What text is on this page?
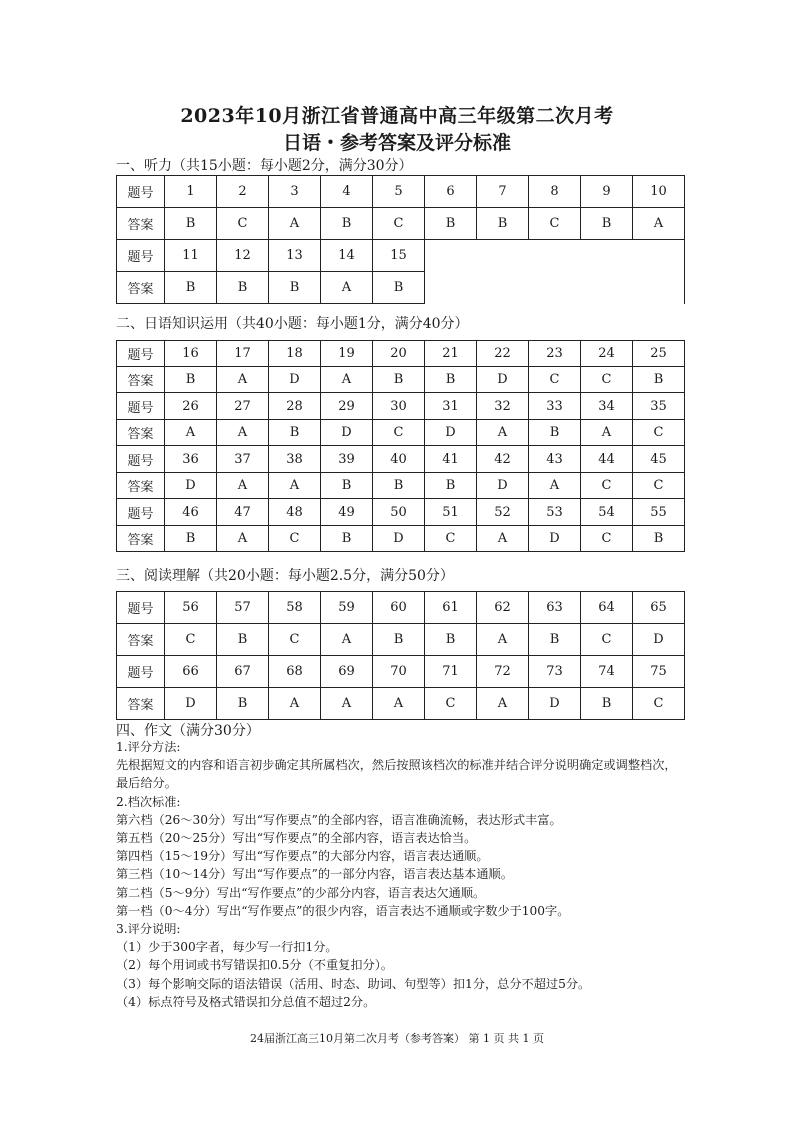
2023年10月浙江省普通高中高三年级第二次月考
日语・参考答案及评分标准
一、听力（共15小题：每小题2分，满分30分）
题号	1	2	3	4	5	6	7	8	9	10
答案	B	C	A	B	C	B	B	C	B	A
题号	11	12	13	14	15					
答案	B	B	B	A	B					
二、日语知识运用（共40小题：每小题1分，满分40分）
题号	16	17	18	19	20	21	22	23	24	25
答案	B	A	D	A	B	B	D	C	C	B
题号	26	27	28	29	30	31	32	33	34	35
答案	A	A	B	D	C	D	A	B	A	C
题号	36	37	38	39	40	41	42	43	44	45
答案	D	A	A	B	B	B	D	A	C	C
题号	46	47	48	49	50	51	52	53	54	55
答案	B	A	C	B	D	C	A	D	C	B
三、阅读理解（共20小题：每小题2.5分，满分50分）
题号	56	57	58	59	60	61	62	63	64	65
答案	C	B	C	A	B	B	A	B	C	D
题号	66	67	68	69	70	71	72	73	74	75
答案	D	B	A	A	A	C	A	D	B	C
四、作文（满分30分）
1.评分方法:
先根据短文的内容和语言初步确定其所属档次，然后按照该档次的标准并结合评分说明确定或调整档次，最后给分。
2.档次标准:
第六档（26～30分）写出“写作要点”的全部内容，语言准确流畅，表达形式丰富。
第五档（20～25分）写出“写作要点”的全部内容，语言表达恰当。
第四档（15～19分）写出“写作要点”的大部分内容，语言表达通顺。
第三档（10～14分）写出“写作要点”的一部分内容，语言表达基本通顺。
第二档（5～9分）写出“写作要点”的少部分内容，语言表达欠通顺。
第一档（0～4分）写出“写作要点”的很少内容，语言表达不通顺或字数少于100字。
3.评分说明:
（1）少于300字者，每少写一行扣1分。
（2）每个用词或书写错误扣0.5分（不重复扣分）。
（3）每个影响交际的语法错误（活用、时态、助词、句型等）扣1分，总分不超过5分。
（4）标点符号及格式错误扣分总值不超过2分。
24届浙江高三10月第二次月考（参考答案） 第 1 页 共 1 页
